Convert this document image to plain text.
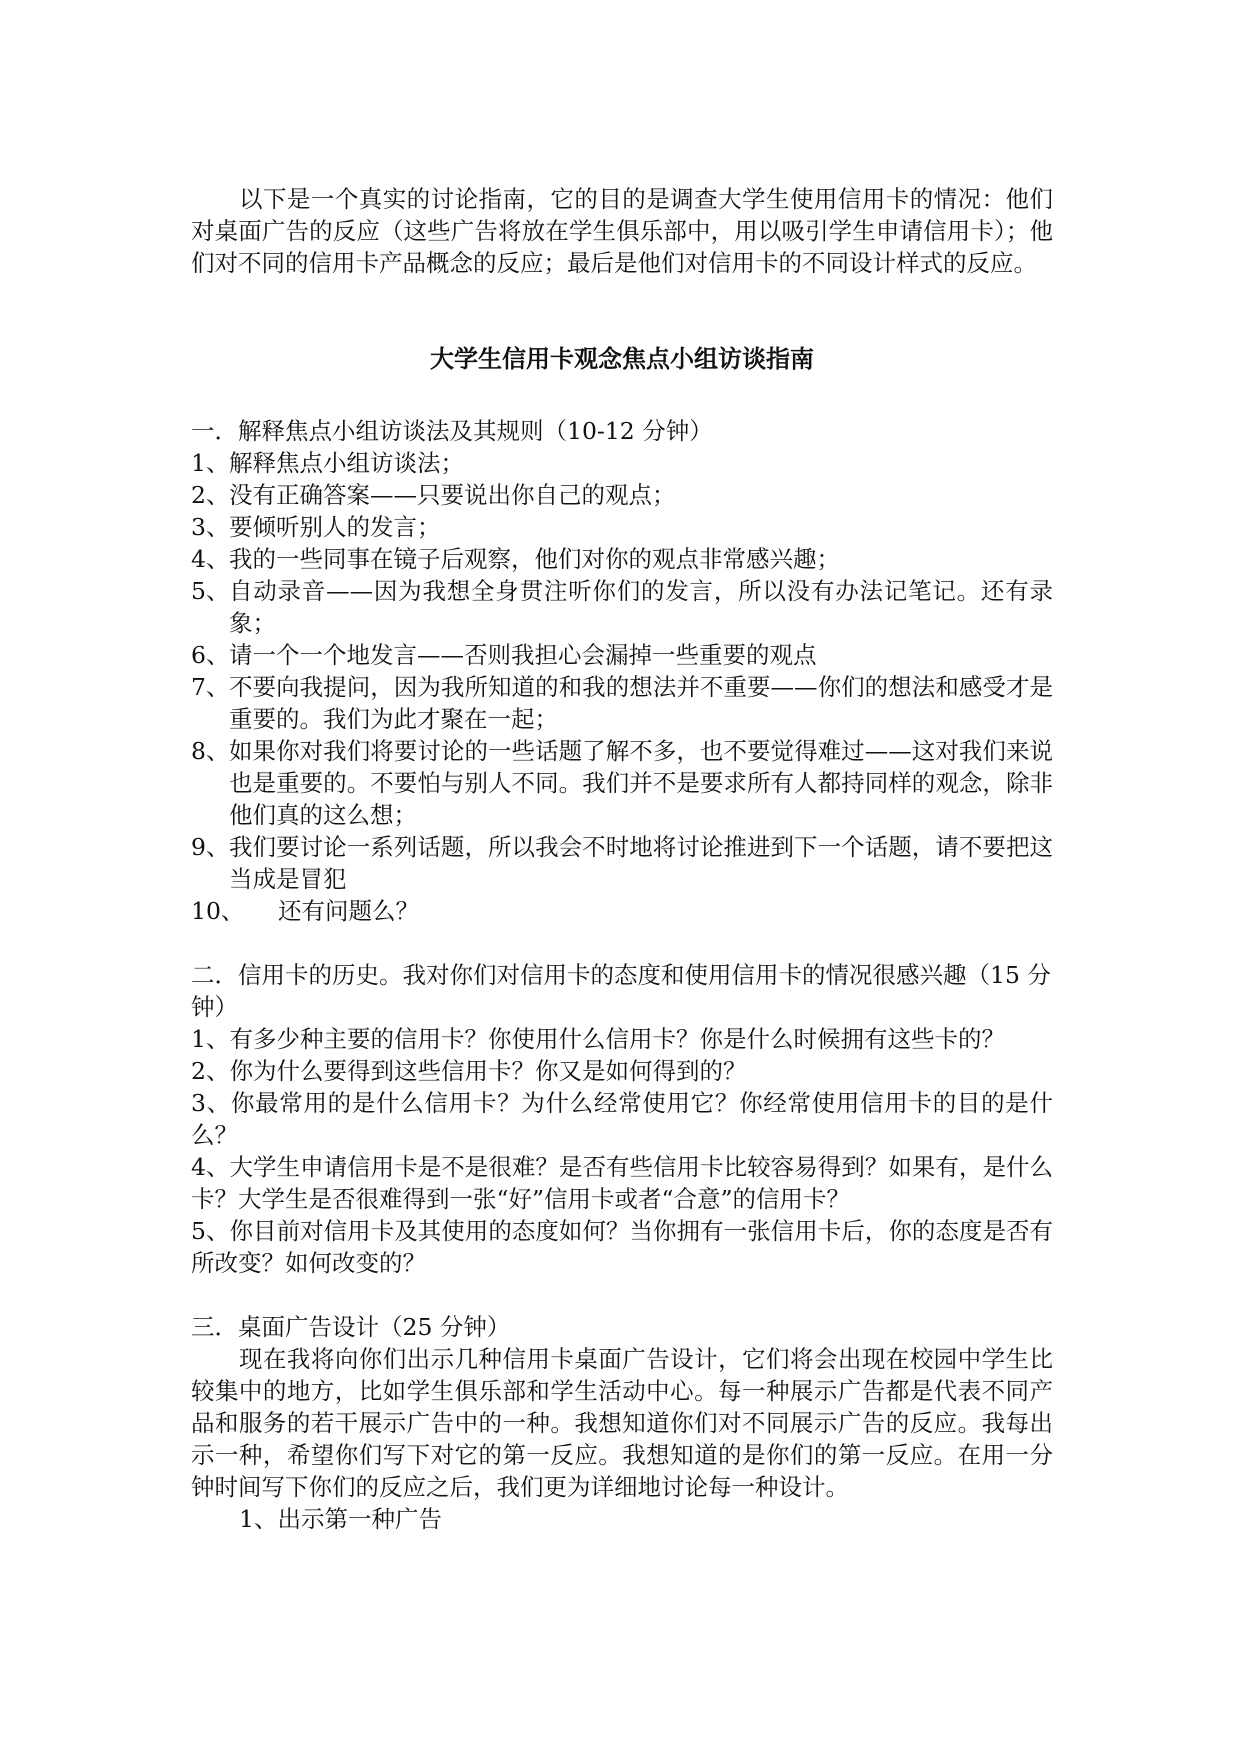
以下是一个真实的讨论指南，它的目的是调查大学生使用信用卡的情况：他们对桌面广告的反应（这些广告将放在学生俱乐部中，用以吸引学生申请信用卡）；他们对不同的信用卡产品概念的反应；最后是他们对信用卡的不同设计样式的反应。

大学生信用卡观念焦点小组访谈指南

一．解释焦点小组访谈法及其规则（10-12 分钟）

1、 解释焦点小组访谈法；
2、 没有正确答案——只要说出你自己的观点；
3、 要倾听别人的发言；
4、 我的一些同事在镜子后观察，他们对你的观点非常感兴趣；
5、 自动录音——因为我想全身贯注听你们的发言，所以没有办法记笔记。还有录象；
6、 请一个一个地发言——否则我担心会漏掉一些重要的观点
7、 不要向我提问，因为我所知道的和我的想法并不重要——你们的想法和感受才是重要的。我们为此才聚在一起；
8、 如果你对我们将要讨论的一些话题了解不多，也不要觉得难过——这对我们来说也是重要的。不要怕与别人不同。我们并不是要求所有人都持同样的观念，除非他们真的这么想；
9、 我们要讨论一系列话题，所以我会不时地将讨论推进到下一个话题，请不要把这当成是冒犯
10、	还有问题么？

二．信用卡的历史。我对你们对信用卡的态度和使用信用卡的情况很感兴趣（15 分钟）

1、有多少种主要的信用卡？你使用什么信用卡？你是什么时候拥有这些卡的？
2、你为什么要得到这些信用卡？你又是如何得到的？
3、你最常用的是什么信用卡？为什么经常使用它？你经常使用信用卡的目的是什么？
4、大学生申请信用卡是不是很难？是否有些信用卡比较容易得到？如果有，是什么卡？大学生是否很难得到一张“好”信用卡或者“合意”的信用卡？
5、你目前对信用卡及其使用的态度如何？当你拥有一张信用卡后，你的态度是否有所改变？如何改变的？

三．桌面广告设计（25 分钟）

现在我将向你们出示几种信用卡桌面广告设计，它们将会出现在校园中学生比较集中的地方，比如学生俱乐部和学生活动中心。每一种展示广告都是代表不同产品和服务的若干展示广告中的一种。我想知道你们对不同展示广告的反应。我每出示一种，希望你们写下对它的第一反应。我想知道的是你们的第一反应。在用一分钟时间写下你们的反应之后，我们更为详细地讨论每一种设计。

1、出示第一种广告
